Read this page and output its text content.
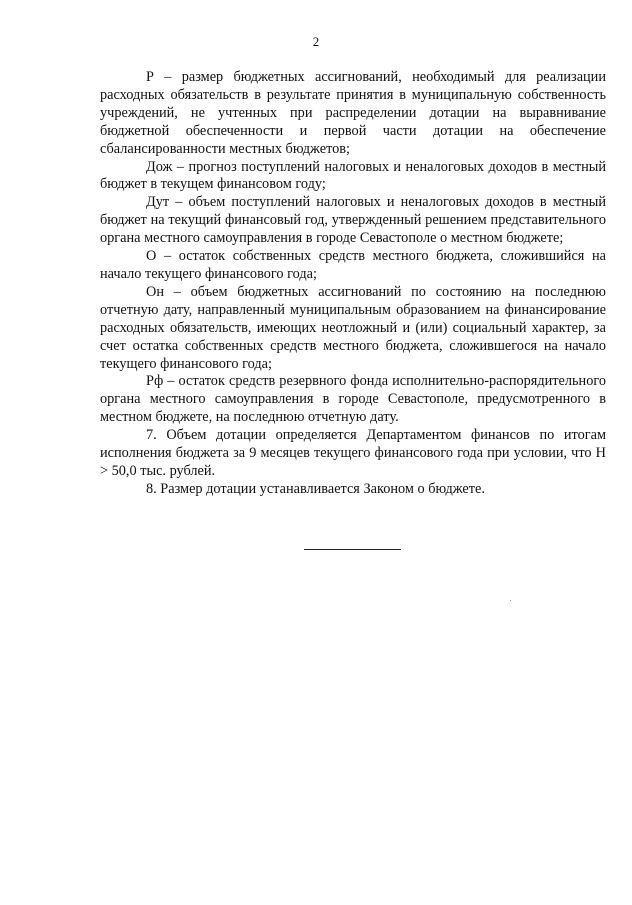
2

Р – размер бюджетных ассигнований, необходимый для реализации расходных обязательств в результате принятия в муниципальную собственность учреждений, не учтенных при распределении дотации на выравнивание бюджетной обеспеченности и первой части дотации на обеспечение сбалансированности местных бюджетов;

Дож – прогноз поступлений налоговых и неналоговых доходов в местный бюджет в текущем финансовом году;

Дут – объем поступлений налоговых и неналоговых доходов в местный бюджет на текущий финансовый год, утвержденный решением представительного органа местного самоуправления в городе Севастополе о местном бюджете;

О – остаток собственных средств местного бюджета, сложившийся на начало текущего финансового года;

Он – объем бюджетных ассигнований по состоянию на последнюю отчетную дату, направленный муниципальным образованием на финансирование расходных обязательств, имеющих неотложный и (или) социальный характер, за счет остатка собственных средств местного бюджета, сложившегося на начало текущего финансового года;

Рф – остаток средств резервного фонда исполнительно-распорядительного органа местного самоуправления в городе Севастополе, предусмотренного в местном бюджете, на последнюю отчетную дату.

7. Объем дотации определяется Департаментом финансов по итогам исполнения бюджета за 9 месяцев текущего финансового года при условии, что Н > 50,0 тыс. рублей.

8. Размер дотации устанавливается Законом о бюджете.
